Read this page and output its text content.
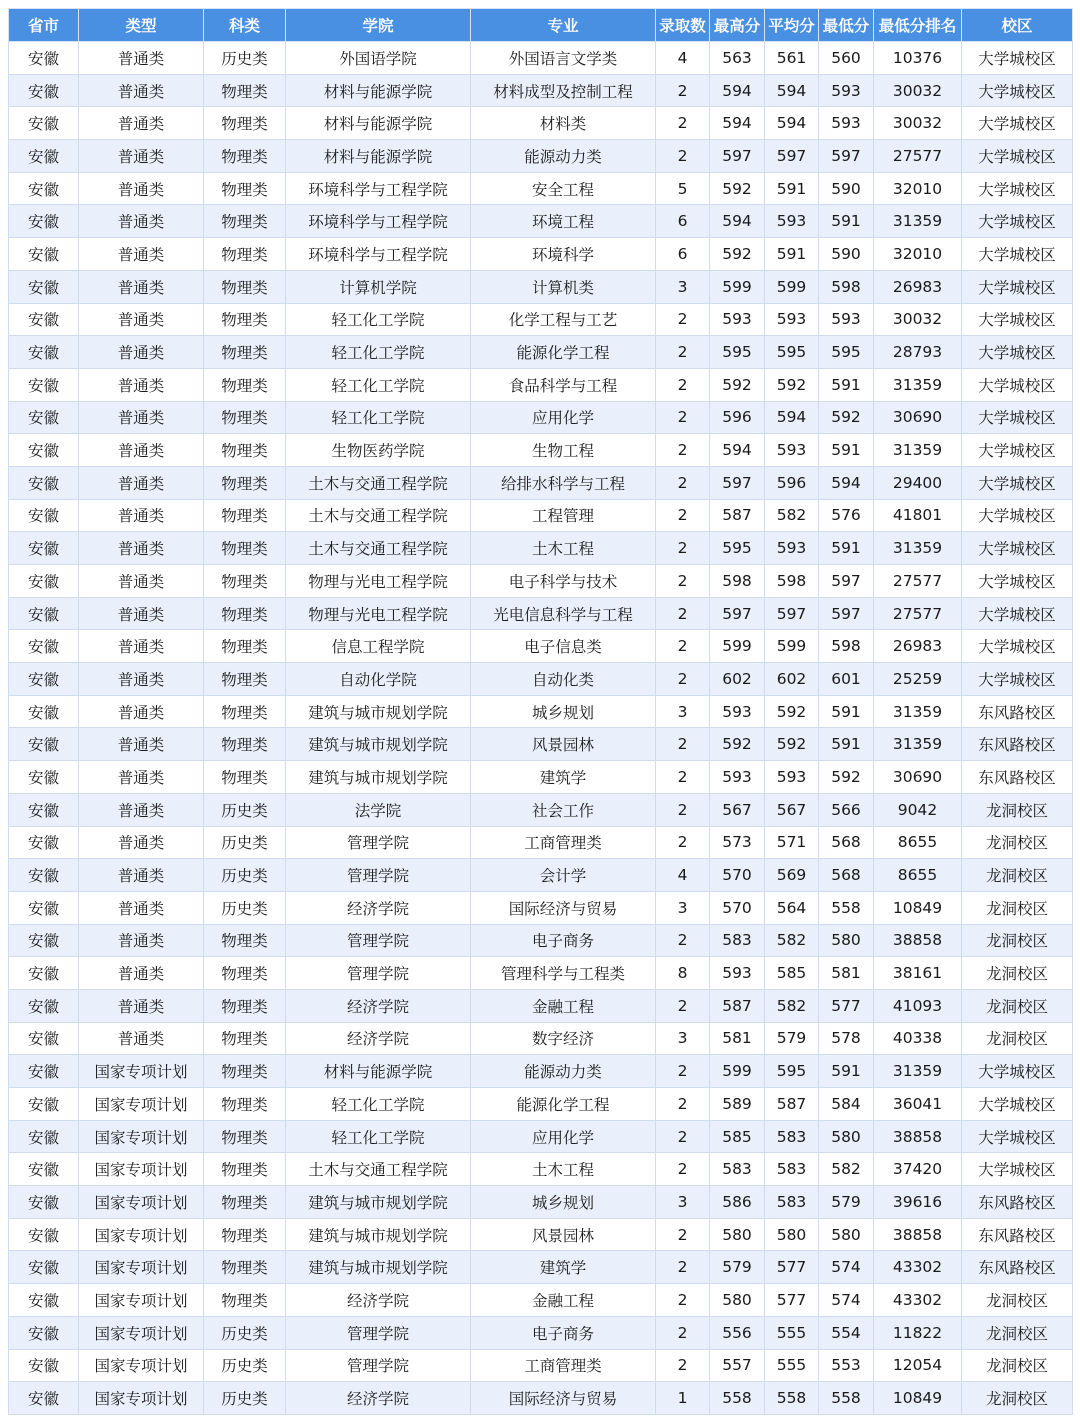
省市	类型	科类	学院	专业	录取数	最高分	平均分	最低分	最低分排名	校区
安徽	普通类	历史类	外国语学院	外国语言文学类	4	563	561	560	10376	大学城校区
安徽	普通类	物理类	材料与能源学院	材料成型及控制工程	2	594	594	593	30032	大学城校区
安徽	普通类	物理类	材料与能源学院	材料类	2	594	594	593	30032	大学城校区
安徽	普通类	物理类	材料与能源学院	能源动力类	2	597	597	597	27577	大学城校区
安徽	普通类	物理类	环境科学与工程学院	安全工程	5	592	591	590	32010	大学城校区
安徽	普通类	物理类	环境科学与工程学院	环境工程	6	594	593	591	31359	大学城校区
安徽	普通类	物理类	环境科学与工程学院	环境科学	6	592	591	590	32010	大学城校区
安徽	普通类	物理类	计算机学院	计算机类	3	599	599	598	26983	大学城校区
安徽	普通类	物理类	轻工化工学院	化学工程与工艺	2	593	593	593	30032	大学城校区
安徽	普通类	物理类	轻工化工学院	能源化学工程	2	595	595	595	28793	大学城校区
安徽	普通类	物理类	轻工化工学院	食品科学与工程	2	592	592	591	31359	大学城校区
安徽	普通类	物理类	轻工化工学院	应用化学	2	596	594	592	30690	大学城校区
安徽	普通类	物理类	生物医药学院	生物工程	2	594	593	591	31359	大学城校区
安徽	普通类	物理类	土木与交通工程学院	给排水科学与工程	2	597	596	594	29400	大学城校区
安徽	普通类	物理类	土木与交通工程学院	工程管理	2	587	582	576	41801	大学城校区
安徽	普通类	物理类	土木与交通工程学院	土木工程	2	595	593	591	31359	大学城校区
安徽	普通类	物理类	物理与光电工程学院	电子科学与技术	2	598	598	597	27577	大学城校区
安徽	普通类	物理类	物理与光电工程学院	光电信息科学与工程	2	597	597	597	27577	大学城校区
安徽	普通类	物理类	信息工程学院	电子信息类	2	599	599	598	26983	大学城校区
安徽	普通类	物理类	自动化学院	自动化类	2	602	602	601	25259	大学城校区
安徽	普通类	物理类	建筑与城市规划学院	城乡规划	3	593	592	591	31359	东风路校区
安徽	普通类	物理类	建筑与城市规划学院	风景园林	2	592	592	591	31359	东风路校区
安徽	普通类	物理类	建筑与城市规划学院	建筑学	2	593	593	592	30690	东风路校区
安徽	普通类	历史类	法学院	社会工作	2	567	567	566	9042	龙洞校区
安徽	普通类	历史类	管理学院	工商管理类	2	573	571	568	8655	龙洞校区
安徽	普通类	历史类	管理学院	会计学	4	570	569	568	8655	龙洞校区
安徽	普通类	历史类	经济学院	国际经济与贸易	3	570	564	558	10849	龙洞校区
安徽	普通类	物理类	管理学院	电子商务	2	583	582	580	38858	龙洞校区
安徽	普通类	物理类	管理学院	管理科学与工程类	8	593	585	581	38161	龙洞校区
安徽	普通类	物理类	经济学院	金融工程	2	587	582	577	41093	龙洞校区
安徽	普通类	物理类	经济学院	数字经济	3	581	579	578	40338	龙洞校区
安徽	国家专项计划	物理类	材料与能源学院	能源动力类	2	599	595	591	31359	大学城校区
安徽	国家专项计划	物理类	轻工化工学院	能源化学工程	2	589	587	584	36041	大学城校区
安徽	国家专项计划	物理类	轻工化工学院	应用化学	2	585	583	580	38858	大学城校区
安徽	国家专项计划	物理类	土木与交通工程学院	土木工程	2	583	583	582	37420	大学城校区
安徽	国家专项计划	物理类	建筑与城市规划学院	城乡规划	3	586	583	579	39616	东风路校区
安徽	国家专项计划	物理类	建筑与城市规划学院	风景园林	2	580	580	580	38858	东风路校区
安徽	国家专项计划	物理类	建筑与城市规划学院	建筑学	2	579	577	574	43302	东风路校区
安徽	国家专项计划	物理类	经济学院	金融工程	2	580	577	574	43302	龙洞校区
安徽	国家专项计划	历史类	管理学院	电子商务	2	556	555	554	11822	龙洞校区
安徽	国家专项计划	历史类	管理学院	工商管理类	2	557	555	553	12054	龙洞校区
安徽	国家专项计划	历史类	经济学院	国际经济与贸易	1	558	558	558	10849	龙洞校区
